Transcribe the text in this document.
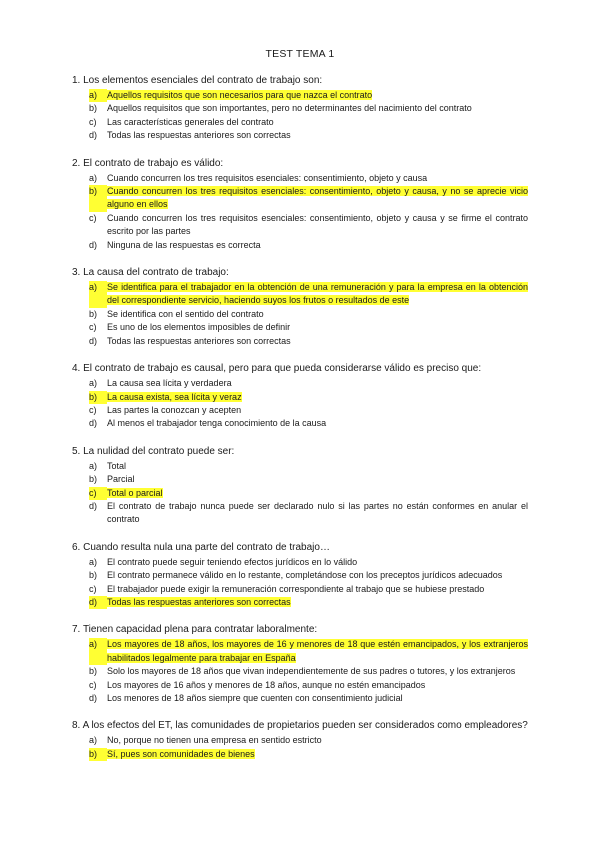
TEST TEMA 1
1. Los elementos esenciales del contrato de trabajo son:
a)	Aquellos requisitos que son necesarios para que nazca el contrato
b)	Aquellos requisitos que son importantes, pero no determinantes del nacimiento del contrato
c)	Las características generales del contrato
d)	Todas las respuestas anteriores son correctas
2. El contrato de trabajo es válido:
a)	Cuando concurren los tres requisitos esenciales: consentimiento, objeto y causa
b)	Cuando concurren los tres requisitos esenciales: consentimiento, objeto y causa, y no se aprecie vicio alguno en ellos
c)	Cuando concurren los tres requisitos esenciales: consentimiento, objeto y causa y se firme el contrato escrito por las partes
d)	Ninguna de las respuestas es correcta
3. La causa del contrato de trabajo:
a)	Se identifica para el trabajador en la obtención de una remuneración y para la empresa en la obtención del correspondiente servicio, haciendo suyos los frutos o resultados de este
b)	Se identifica con el sentido del contrato
c)	Es uno de los elementos imposibles de definir
d)	Todas las respuestas anteriores son correctas
4. El contrato de trabajo es causal, pero para que pueda considerarse válido es preciso que:
a)	La causa sea lícita y verdadera
b)	La causa exista, sea lícita y veraz
c)	Las partes la conozcan y acepten
d)	Al menos el trabajador tenga conocimiento de la causa
5. La nulidad del contrato puede ser:
a)	Total
b)	Parcial
c)	Total o parcial
d)	El contrato de trabajo nunca puede ser declarado nulo si las partes no están conformes en anular el contrato
6. Cuando resulta nula una parte del contrato de trabajo…
a)	El contrato puede seguir teniendo efectos jurídicos en lo válido
b)	El contrato permanece válido en lo restante, completándose con los preceptos jurídicos adecuados
c)	El trabajador puede exigir la remuneración correspondiente al trabajo que se hubiese prestado
d)	Todas las respuestas anteriores son correctas
7. Tienen capacidad plena para contratar laboralmente:
a)	Los mayores de 18 años, los mayores de 16 y menores de 18 que estén emancipados, y los extranjeros habilitados legalmente para trabajar en España
b)	Solo los mayores de 18 años que vivan independientemente de sus padres o tutores, y los extranjeros
c)	Los mayores de 16 años y menores de 18 años, aunque no estén emancipados
d)	Los menores de 18 años siempre que cuenten con consentimiento judicial
8. A los efectos del ET, las comunidades de propietarios pueden ser considerados como empleadores?
a)	No, porque no tienen una empresa en sentido estricto
b)	Sí, pues son comunidades de bienes
